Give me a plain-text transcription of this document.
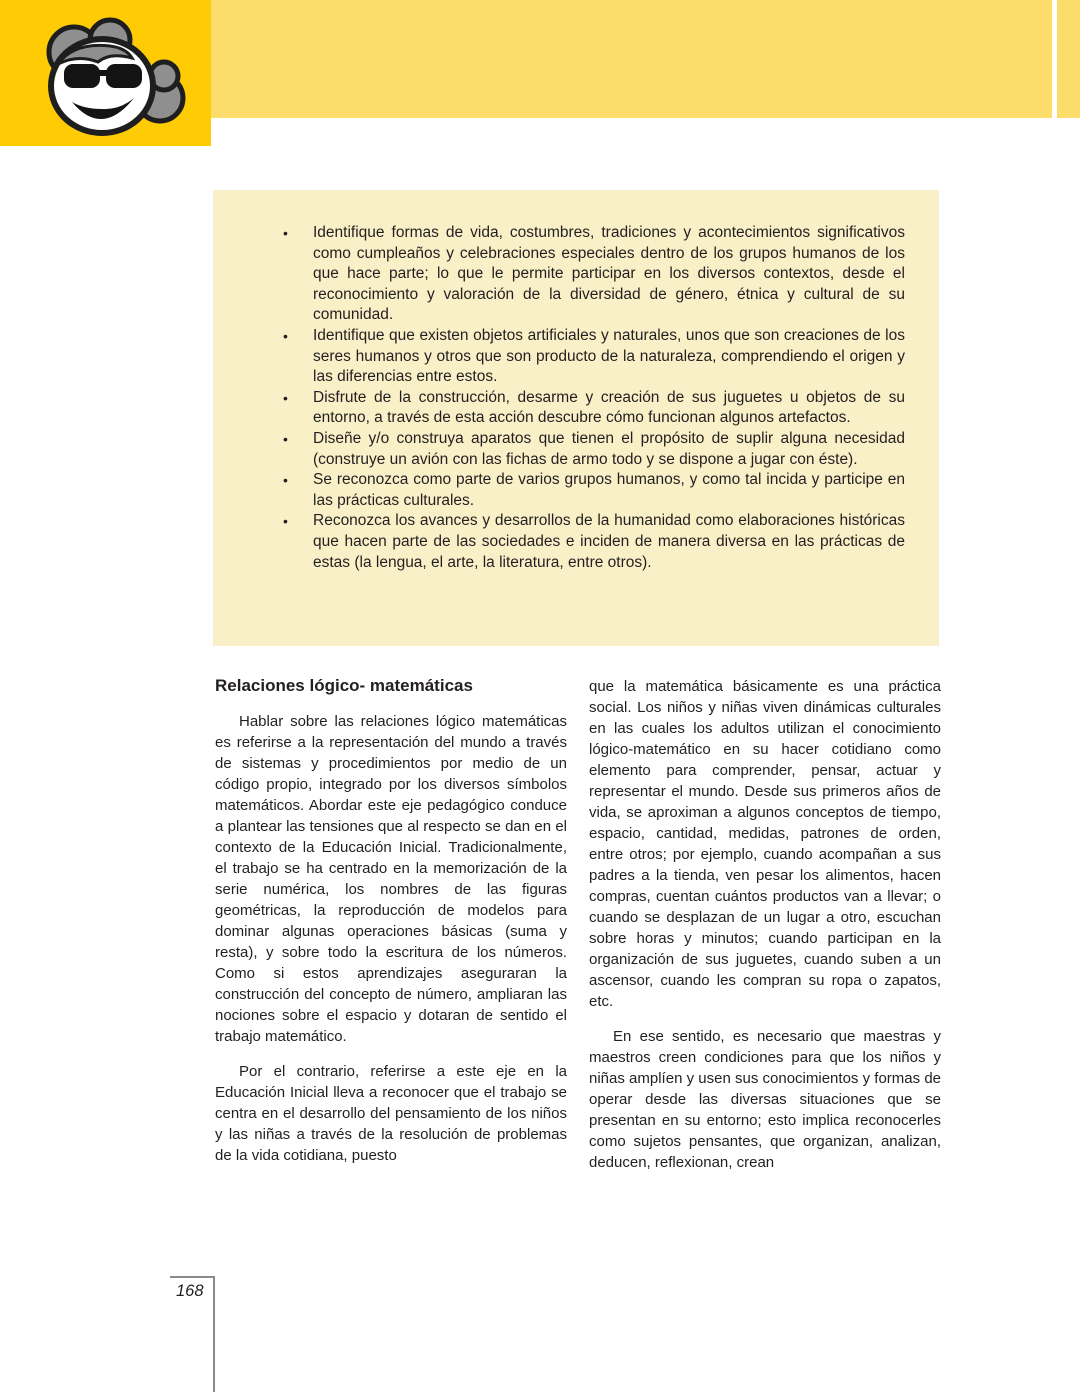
• Identifique formas de vida, costumbres, tradiciones y acontecimientos significativos como cumpleaños y celebraciones especiales dentro de los grupos humanos de los que hace parte; lo que le permite participar en los diversos contextos, desde el reconocimiento y valoración de la diversidad de género, étnica y cultural de su comunidad.
• Identifique que existen objetos artificiales y naturales, unos que son creaciones de los seres humanos y otros que son producto de la naturaleza, comprendiendo el origen y las diferencias entre estos.
• Disfrute de la construcción, desarme y creación de sus juguetes u objetos de su entorno, a través de esta acción descubre cómo funcionan algunos artefactos.
• Diseñe y/o construya aparatos que tienen el propósito de suplir alguna necesidad (construye un avión con las fichas de armo todo y se dispone a jugar con éste).
• Se reconozca como parte de varios grupos humanos, y como tal incida y participe en las prácticas culturales.
• Reconozca los avances y desarrollos de la humanidad como elaboraciones históricas que hacen parte de las sociedades e inciden de manera diversa en las prácticas de estas (la lengua, el arte, la literatura, entre otros).
Relaciones lógico- matemáticas

Hablar sobre las relaciones lógico matemáticas es referirse a la representación del mundo a través de sistemas y procedimientos por medio de un código propio, integrado por los diversos símbolos matemáticos. Abordar este eje pedagógico conduce a plantear las tensiones que al respecto se dan en el contexto de la Educación Inicial. Tradicionalmente, el trabajo se ha centrado en la memorización de la serie numérica, los nombres de las figuras geométricas, la reproducción de modelos para dominar algunas operaciones básicas (suma y resta), y sobre todo la escritura de los números. Como si estos aprendizajes aseguraran la construcción del concepto de número, ampliaran las nociones sobre el espacio y dotaran de sentido el trabajo matemático.

Por el contrario, referirse a este eje en la Educación Inicial lleva a reconocer que el trabajo se centra en el desarrollo del pensamiento de los niños y las niñas a través de la resolución de problemas de la vida cotidiana, puesto

que la matemática básicamente es una práctica social. Los niños y niñas viven dinámicas culturales en las cuales los adultos utilizan el conocimiento lógico-matemático en su hacer cotidiano como elemento para comprender, pensar, actuar y representar el mundo. Desde sus primeros años de vida, se aproximan a algunos conceptos de tiempo, espacio, cantidad, medidas, patrones de orden, entre otros; por ejemplo, cuando acompañan a sus padres a la tienda, ven pesar los alimentos, hacen compras, cuentan cuántos productos van a llevar; o cuando se desplazan de un lugar a otro, escuchan sobre horas y minutos; cuando participan en la organización de sus juguetes, cuando suben a un ascensor, cuando les compran su ropa o zapatos, etc.

En ese sentido, es necesario que maestras y maestros creen condiciones para que los niños y niñas amplíen y usen sus conocimientos y formas de operar desde las diversas situaciones que se presentan en su entorno; esto implica reconocerles como sujetos pensantes, que organizan, analizan, deducen, reflexionan, crean

168
